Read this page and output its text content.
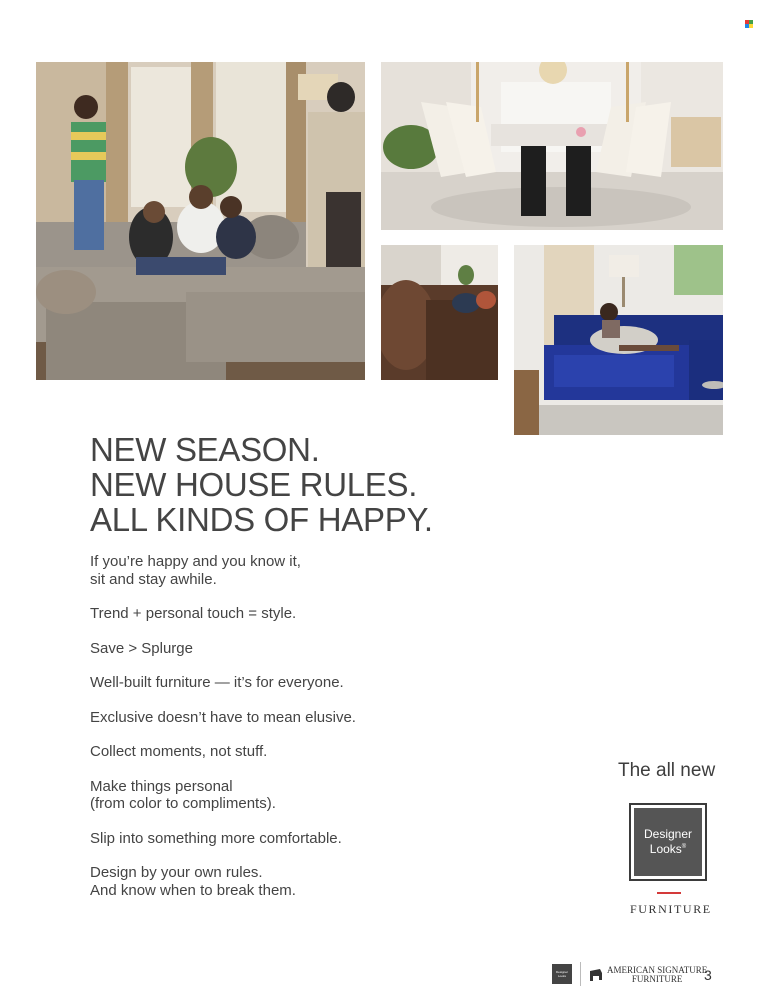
NEW SEASON.
NEW HOUSE RULES.
ALL KINDS OF HAPPY.
If you’re happy and you know it,
sit and stay awhile.
Trend + personal touch = style.
Save > Splurge
Well-built furniture — it’s for everyone.
Exclusive doesn’t have to mean elusive.
Collect moments, not stuff.
Make things personal
(from color to compliments).
Slip into something more comfortable.
Design by your own rules.
And know when to break them.
The all new
Designer
Looks®
FURNITURE
Designer Looks
AMERICAN SIGNATURE
FURNITURE	3
